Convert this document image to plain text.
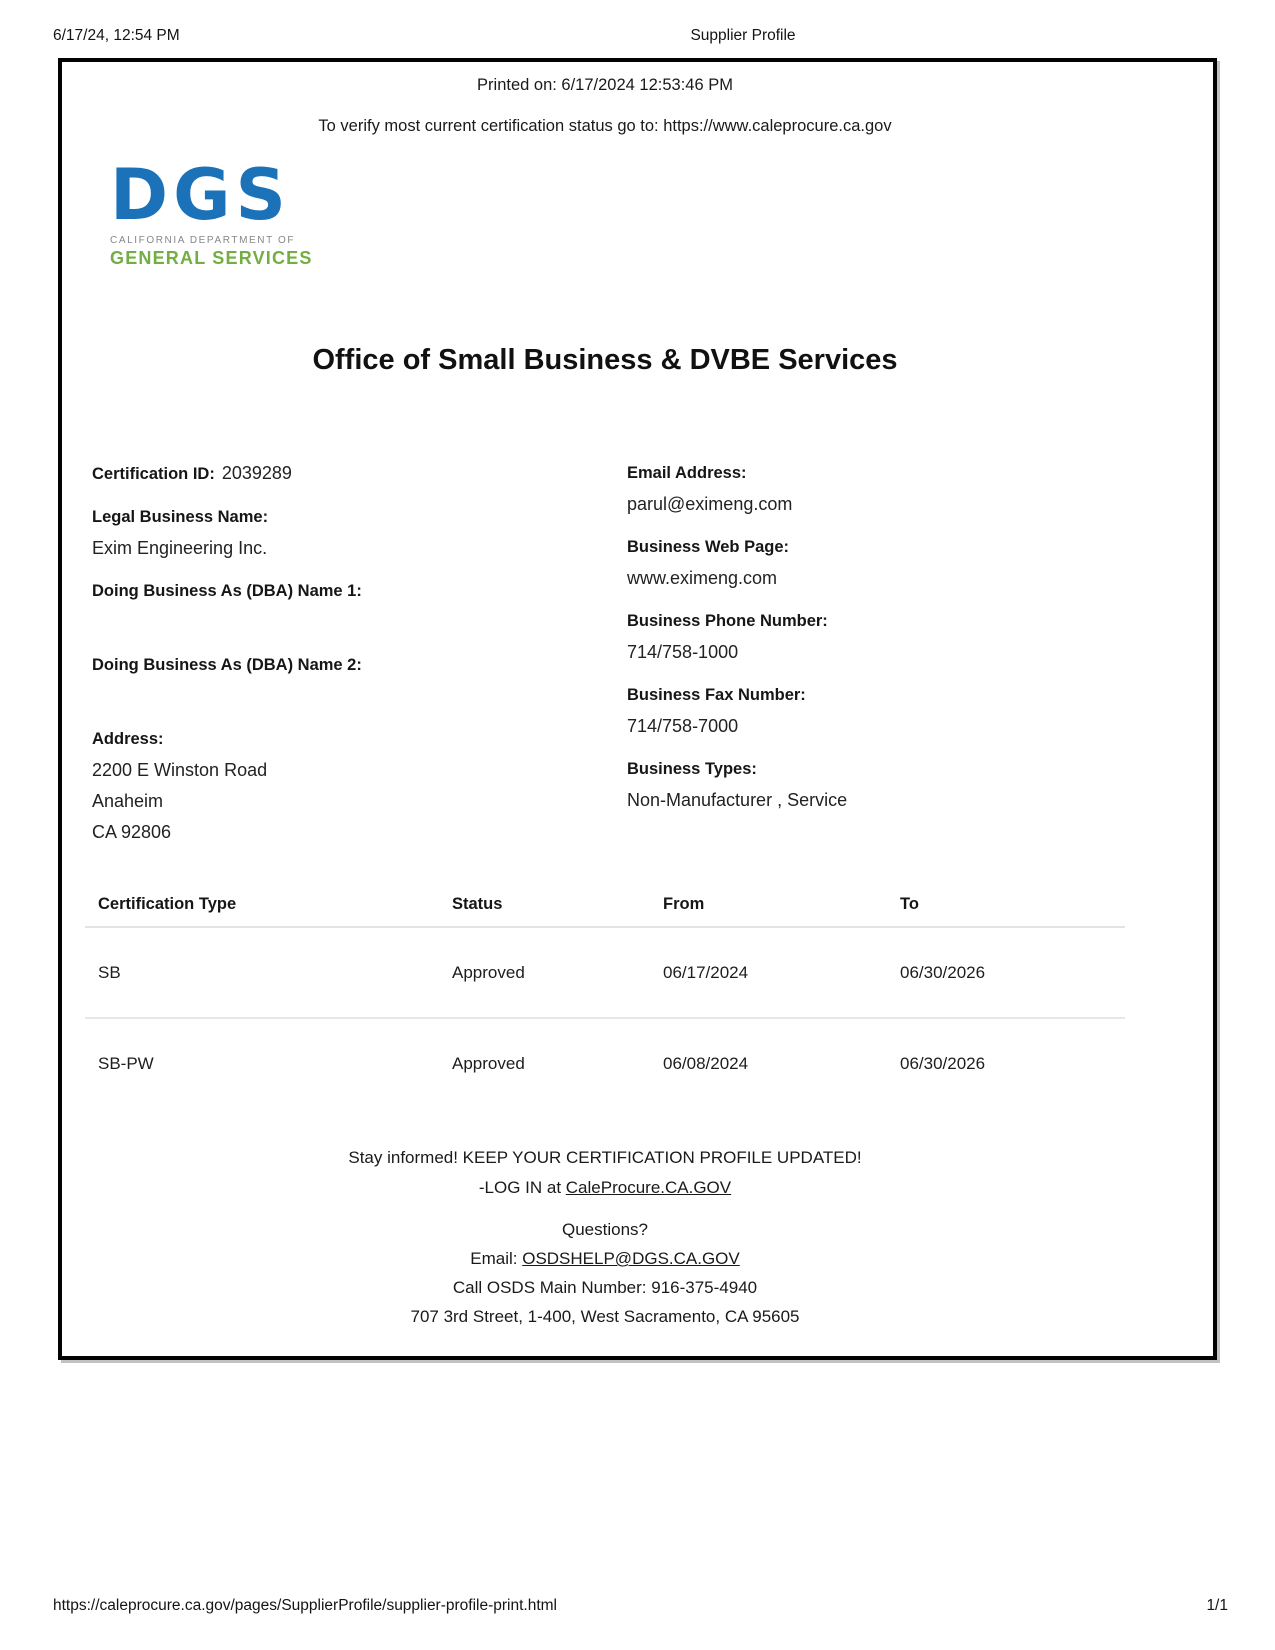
6/17/24, 12:54 PM	Supplier Profile
https://caleprocure.ca.gov/pages/SupplierProfile/supplier-profile-print.html	1/1
Printed on: 6/17/2024 12:53:46 PM
To verify most current certification status go to: https://www.caleprocure.ca.gov
DGS
CALIFORNIA DEPARTMENT OF
GENERAL SERVICES
Office of Small Business & DVBE Services
Certification ID: 2039289
Legal Business Name:
Exim Engineering Inc.
Doing Business As (DBA) Name 1:
Doing Business As (DBA) Name 2:
Address:
2200 E Winston Road
Anaheim
CA 92806
Email Address:
parul@eximeng.com
Business Web Page:
www.eximeng.com
Business Phone Number:
714/758-1000
Business Fax Number:
714/758-7000
Business Types:
Non-Manufacturer , Service
Certification Type	Status	From	To
SB	Approved	06/17/2024	06/30/2026
SB-PW	Approved	06/08/2024	06/30/2026
Stay informed! KEEP YOUR CERTIFICATION PROFILE UPDATED!
-LOG IN at CaleProcure.CA.GOV
Questions?
Email: OSDSHELP@DGS.CA.GOV
Call OSDS Main Number: 916-375-4940
707 3rd Street, 1-400, West Sacramento, CA 95605
